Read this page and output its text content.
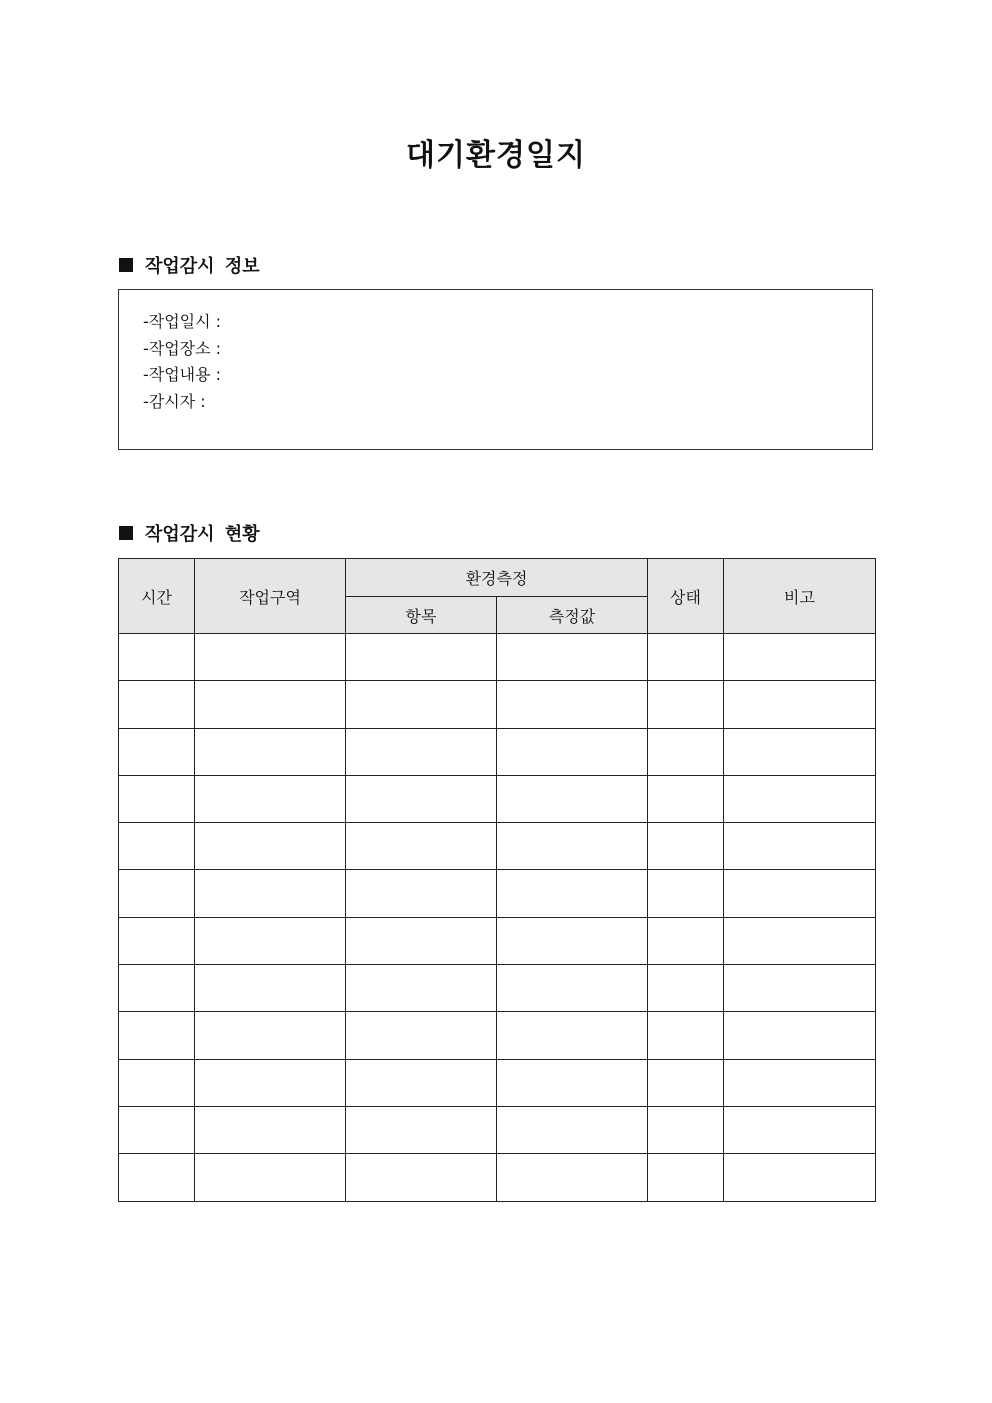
대기환경일지
작업감시 정보
-작업일시 :
-작업장소 :
-작업내용 :
-감시자 :
작업감시 현황
시간	작업구역	환경측정		상태	비고
		항목	측정값		
